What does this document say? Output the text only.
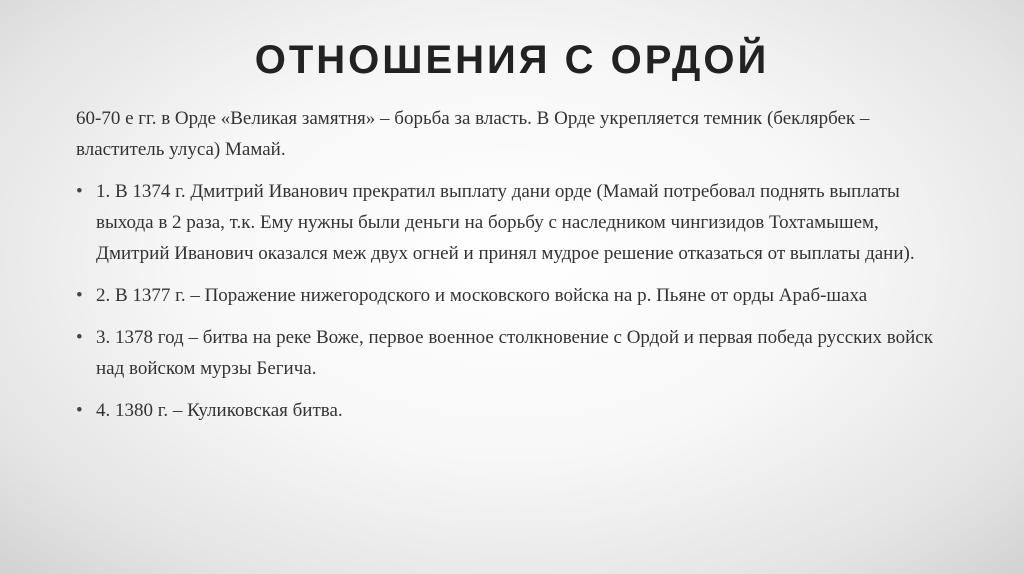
ОТНОШЕНИЯ С ОРДОЙ

60-70 е гг. в Орде «Великая замятня» – борьба за власть. В Орде укрепляется темник (беклярбек – властитель улуса) Мамай.

• 1. В 1374 г. Дмитрий Иванович прекратил выплату дани орде (Мамай потребовал поднять выплаты выхода в 2 раза, т.к. Ему нужны были деньги на борьбу с наследником чингизидов Тохтамышем, Дмитрий Иванович оказался меж двух огней и принял мудрое решение отказаться от выплаты дани).
• 2. В 1377 г. – Поражение нижегородского и московского войска на р. Пьяне от орды Араб-шаха
• 3. 1378 год – битва на реке Воже, первое военное столкновение с Ордой и первая победа русских войск над войском мурзы Бегича.
• 4. 1380 г. – Куликовская битва.
